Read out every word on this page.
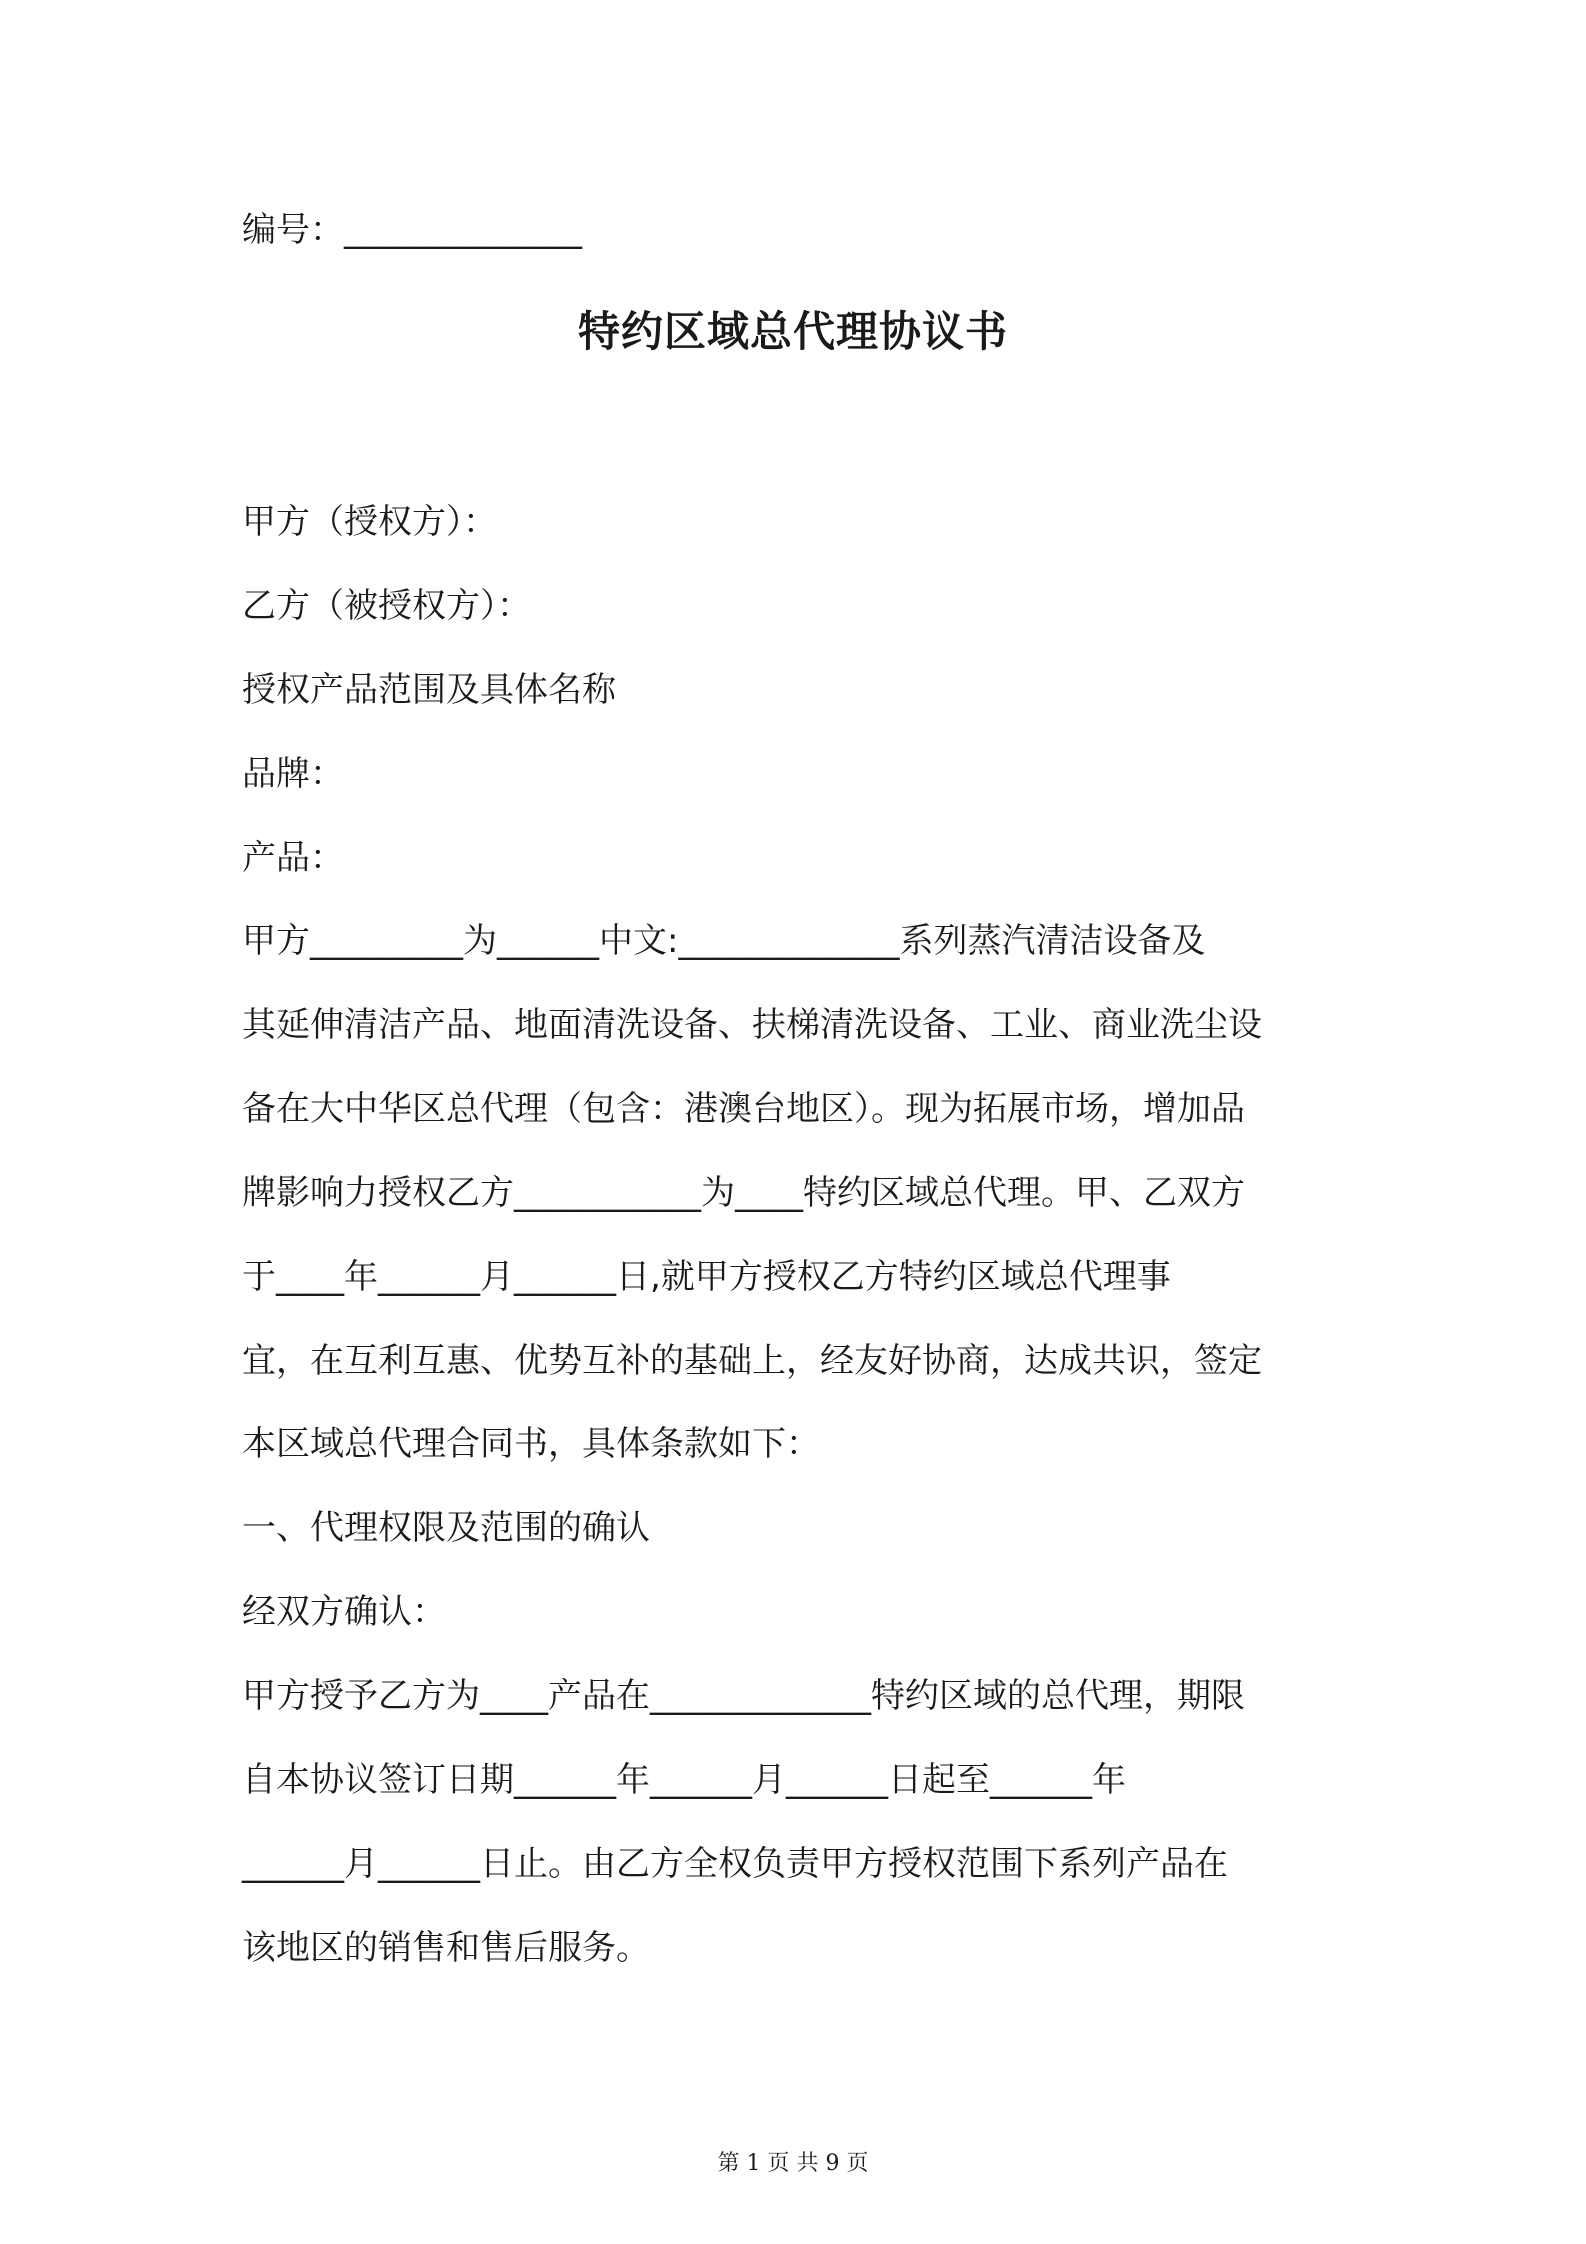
编号：______________

特约区域总代理协议书

甲方（授权方）：

乙方（被授权方）：

授权产品范围及具体名称

品牌：

产品：

甲方_________为______中文:_____________系列蒸汽清洁设备及

其延伸清洁产品、地面清洗设备、扶梯清洗设备、工业、商业洗尘设

备在大中华区总代理（包含：港澳台地区）。现为拓展市场，增加品

牌影响力授权乙方___________为____特约区域总代理。甲、乙双方

于____年______月______日,就甲方授权乙方特约区域总代理事

宜，在互利互惠、优势互补的基础上，经友好协商，达成共识，签定

本区域总代理合同书，具体条款如下：

一、代理权限及范围的确认

经双方确认：

甲方授予乙方为____产品在_____________特约区域的总代理，期限

自本协议签订日期______年______月______日起至______年

______月______日止。由乙方全权负责甲方授权范围下系列产品在

该地区的销售和售后服务。

第 1 页 共 9 页
